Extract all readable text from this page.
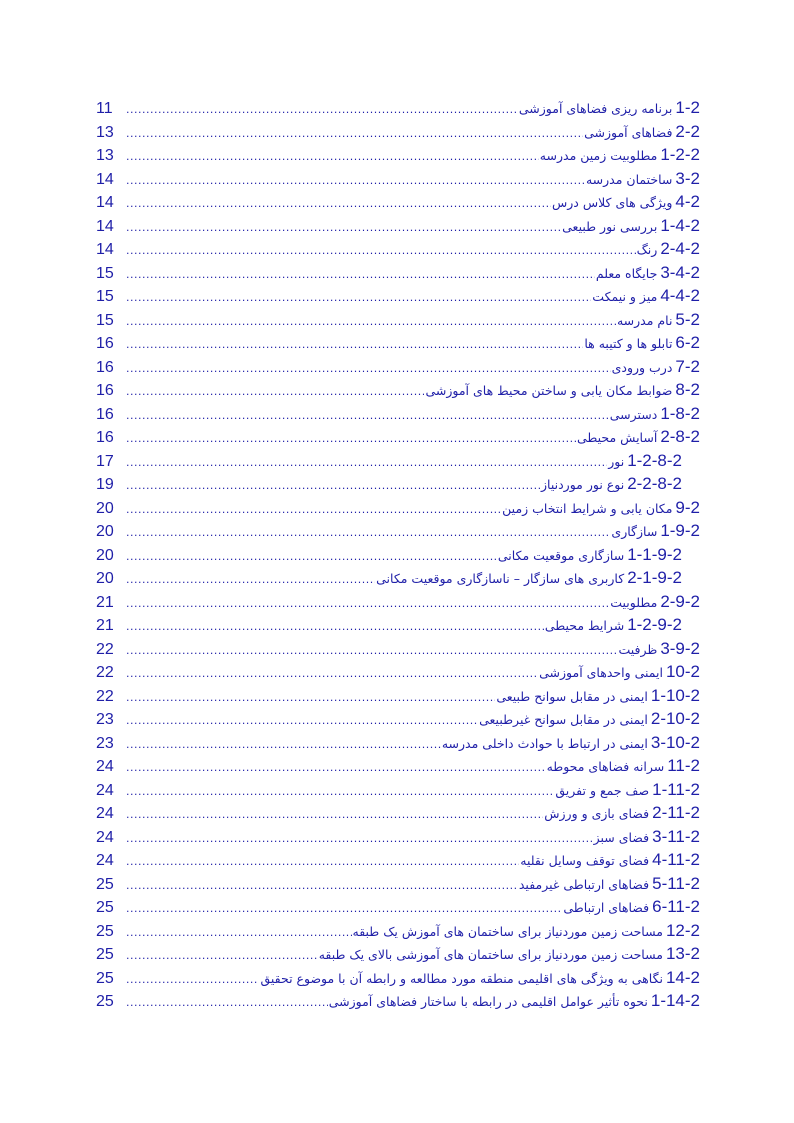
1-2
برنامه ریزی فضاهای آموزشی
.....
11
2-2
فضاهای آموزشی
.....
13
1-2-2
مطلوبیت زمین مدرسه
.....
13
3-2
ساختمان مدرسه
.....
14
4-2
ویژگی های کلاس درس
.....
14
1-4-2
بررسی نور طبیعی
.....
14
2-4-2
رنگ
.....
14
3-4-2
جایگاه معلم
.....
15
4-4-2
میز و نیمکت
.....
15
5-2
نام مدرسه
.....
15
6-2
تابلو ها و کتیبه ها
.....
16
7-2
درب ورودی
.....
16
8-2
ضوابط مکان یابی و ساختن محیط های آموزشی
.....
16
1-8-2
دسترسی
.....
16
2-8-2
آسایش محیطی
.....
16
1-2-8-2
نور
.....
17
2-2-8-2
نوع نور موردنیاز
.....
19
9-2
مکان یابی و شرایط انتخاب زمین
.....
20
1-9-2
سازگاری
.....
20
1-1-9-2
سازگاری موقعیت مکانی
.....
20
2-1-9-2
کاربری های سازگار – ناسازگاری موقعیت مکانی
.....
20
2-9-2
مطلوبیت
.....
21
1-2-9-2
شرایط محیطی
.....
21
3-9-2
ظرفیت
.....
22
10-2
ایمنی واحدهای آموزشی
.....
22
1-10-2
ایمنی در مقابل سوانح طبیعی
.....
22
2-10-2
ایمنی در مقابل سوانح غیرطبیعی
.....
23
3-10-2
ایمنی در ارتباط با حوادث داخلی مدرسه
.....
23
11-2
سرانه فضاهای محوطه
.....
24
1-11-2
صف جمع و تفریق
.....
24
2-11-2
فضای بازی و ورزش
.....
24
3-11-2
فضای سبز
.....
24
4-11-2
فضای توقف وسایل نقلیه
.....
24
5-11-2
فضاهای ارتباطی غیرمفید
.....
25
6-11-2
فضاهای ارتباطی
.....
25
12-2
مساحت زمین موردنیاز برای ساختمان های آموزش یک طبقه
.....
25
13-2
مساحت زمین موردنیاز برای ساختمان های آموزشی بالای یک طبقه
.....
25
14-2
نگاهی به ویژگی های اقلیمی منطقه مورد مطالعه و رابطه آن با موضوع تحقیق
.....
25
1-14-2
نحوه تأثیر عوامل اقلیمی در رابطه با ساختار فضاهای آموزشی
.....
25
